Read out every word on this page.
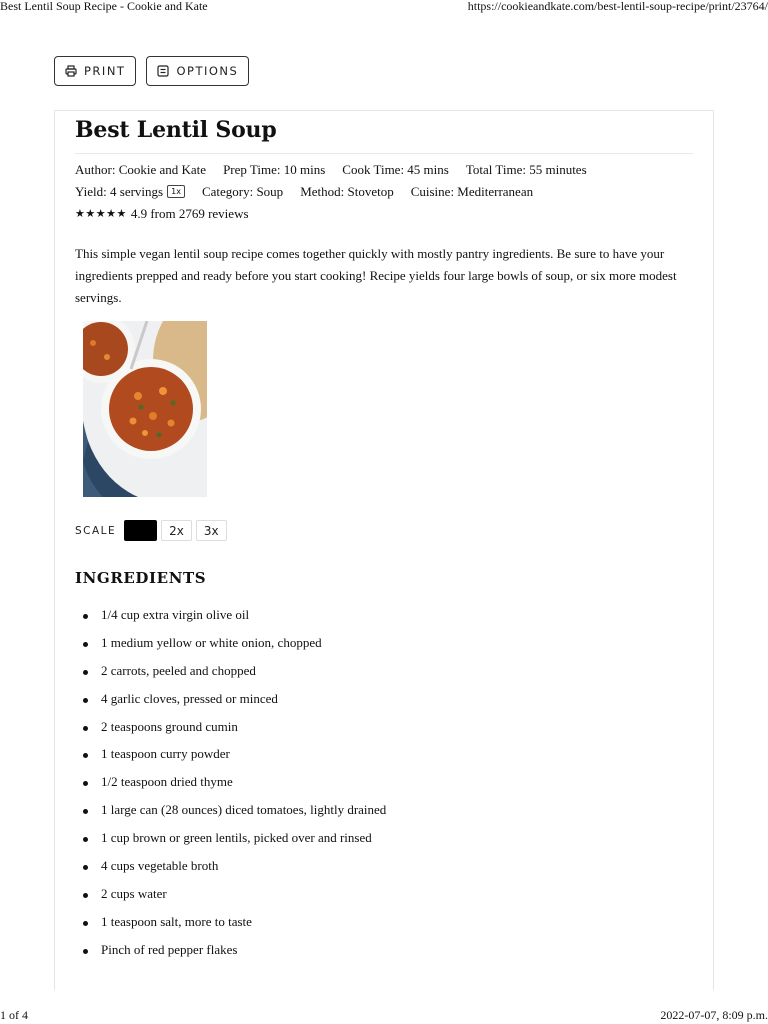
Best Lentil Soup Recipe - Cookie and Kate	https://cookieandkate.com/best-lentil-soup-recipe/print/23764/
PRINT	OPTIONS
Best Lentil Soup
Author: Cookie and Kate Prep Time: 10 mins Cook Time: 45 mins Total Time: 55 minutes
Yield: 4 servings 1x	Category: Soup Method: Stovetop Cuisine: Mediterranean
★★★★★ 4.9 from 2769 reviews

This simple vegan lentil soup recipe comes together quickly with mostly pantry ingredients. Be sure to have your ingredients prepped and ready before you start cooking! Recipe yields four large bowls of soup, or six more modest servings.

SCALE	1x	2x	3x
INGREDIENTS
1/4 cup extra virgin olive oil
1 medium yellow or white onion, chopped
2 carrots, peeled and chopped
4 garlic cloves, pressed or minced
2 teaspoons ground cumin
1 teaspoon curry powder
1/2 teaspoon dried thyme
1 large can (28 ounces) diced tomatoes, lightly drained
1 cup brown or green lentils, picked over and rinsed
4 cups vegetable broth
2 cups water
1 teaspoon salt, more to taste
Pinch of red pepper flakes
1 of 4	2022-07-07, 8:09 p.m.
